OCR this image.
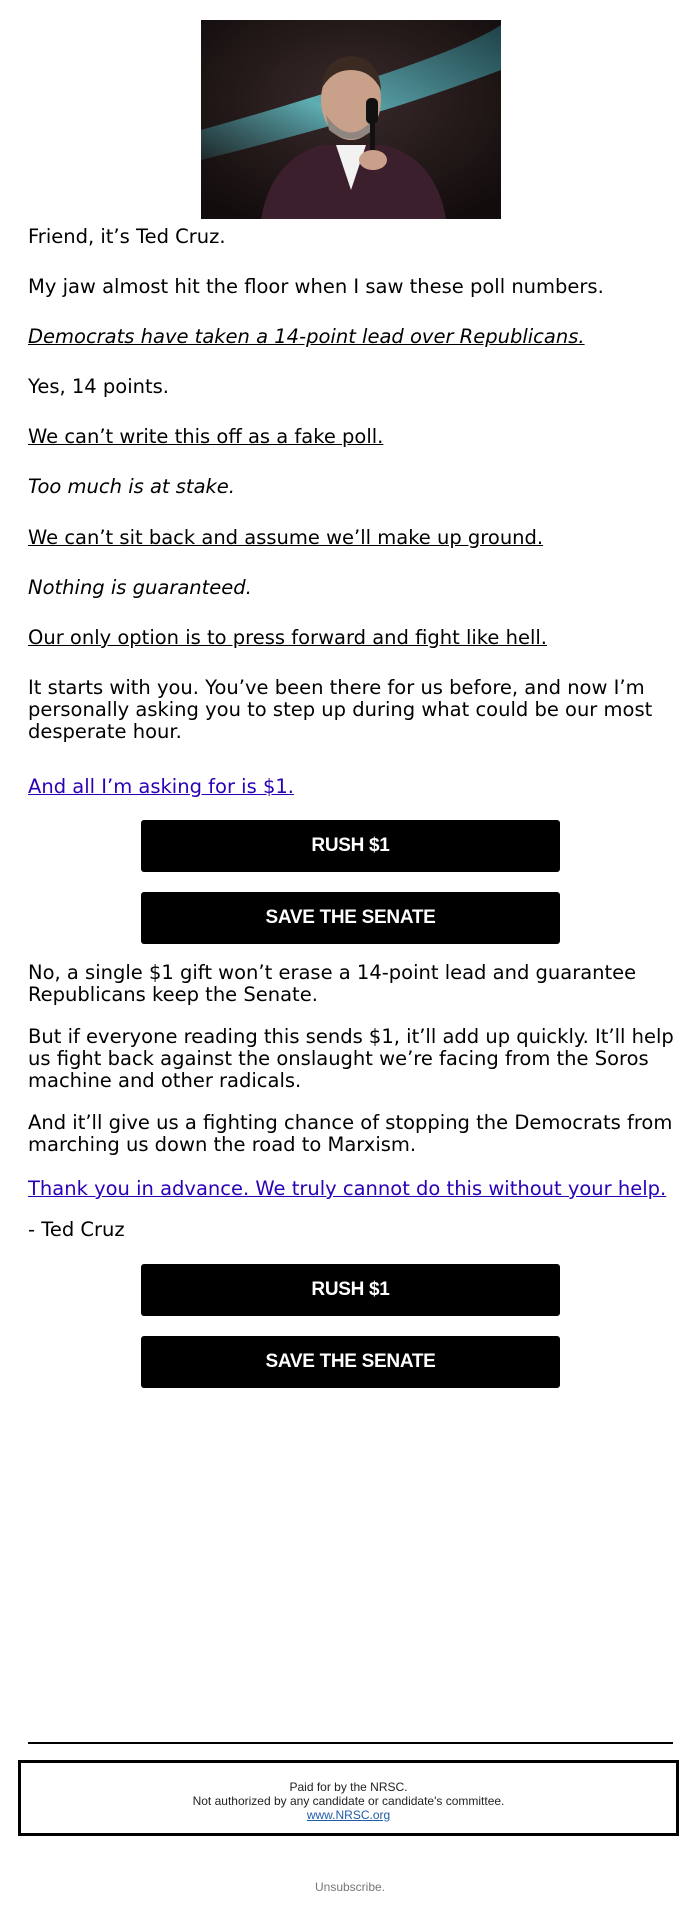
Friend, it’s Ted Cruz.

My jaw almost hit the floor when I saw these poll numbers.

Democrats have taken a 14-point lead over Republicans.

Yes, 14 points.

We can’t write this off as a fake poll.

Too much is at stake.

We can’t sit back and assume we’ll make up ground.

Nothing is guaranteed.

Our only option is to press forward and fight like hell.

It starts with you. You’ve been there for us before, and now I’m personally asking you to step up during what could be our most desperate hour.

And all I’m asking for is $1.

No, a single $1 gift won’t erase a 14-point lead and guarantee Republicans keep the Senate.

But if everyone reading this sends $1, it’ll add up quickly. It’ll help us fight back against the onslaught we’re facing from the Soros machine and other radicals.

And it’ll give us a fighting chance of stopping the Democrats from marching us down the road to Marxism.

Thank you in advance. We truly cannot do this without your help.

- Ted Cruz

RUSH $1
SAVE THE SENATE
RUSH $1
SAVE THE SENATE
Paid for by the NRSC.
Not authorized by any candidate or candidate's committee.
www.NRSC.org
Unsubscribe.
